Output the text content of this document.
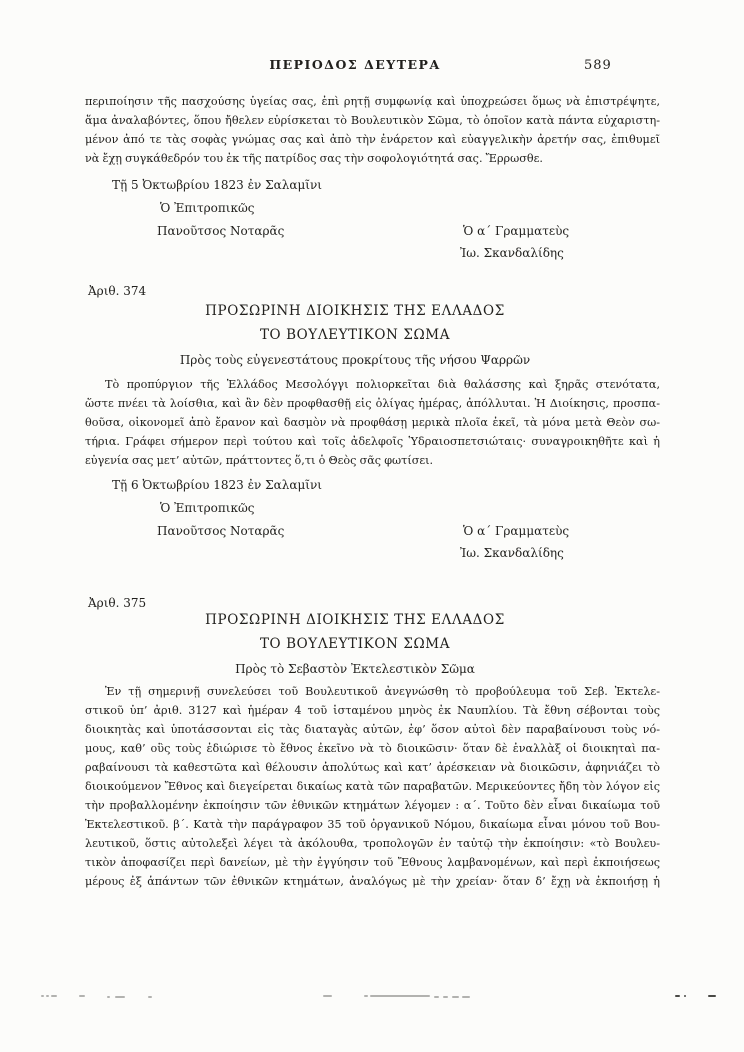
ΠΕΡΙΟΔΟΣ ΔΕΥΤΕΡΑ	589
περιποίησιν τῆς πασχούσης ὑγείας σας, ἐπὶ ρητῇ συμφωνίᾳ καὶ ὑποχρεώσει ὅμως νὰ ἐπιστρέψητε,
ἅμα ἀναλαβόντες, ὅπου ἤθελεν εὑρίσκεται τὸ Βουλευτικὸν Σῶμα, τὸ ὁποῖον κατὰ πάντα εὐχαριστη-
μένον ἀπό τε τὰς σοφὰς γνώμας σας καὶ ἀπὸ τὴν ἐνάρετον καὶ εὐαγγελικὴν ἀρετήν σας, ἐπιθυμεῖ
νὰ ἔχῃ συγκάθεδρόν του ἐκ τῆς πατρίδος σας τὴν σοφολογιότητά σας. Ἔρρωσθε.
Τῇ 5 Ὀκτωβρίου 1823 ἐν Σαλαμῖνι
Ὁ Ἐπιτροπικῶς
Πανοῦτσος Νοταρᾶς	Ὁ α΄ Γραμματεὺς
Ἰω. Σκανδαλίδης
Ἀριθ. 374
ΠΡΟΣΩΡΙΝΗ ΔΙΟΙΚΗΣΙΣ ΤΗΣ ΕΛΛΑΔΟΣ
ΤΟ ΒΟΥΛΕΥΤΙΚΟΝ ΣΩΜΑ
Πρὸς τοὺς εὐγενεστάτους προκρίτους τῆς νήσου Ψαρρῶν
Τὸ προπύργιον τῆς Ἑλλάδος Μεσολόγγι πολιορκεῖται διὰ θαλάσσης καὶ ξηρᾶς στενότατα,
ὥστε πνέει τὰ λοίσθια, καὶ ἂν δὲν προφθασθῇ εἰς ὀλίγας ἡμέρας, ἀπόλλυται. Ἡ Διοίκησις, προσπα-
θοῦσα, οἰκονομεῖ ἀπὸ ἔρανον καὶ δασμὸν νὰ προφθάσῃ μερικὰ πλοῖα ἐκεῖ, τὰ μόνα μετὰ Θεὸν σω-
τήρια. Γράφει σήμερον περὶ τούτου καὶ τοῖς ἀδελφοῖς Ὑδραιοσπετσιώταις· συναγροικηθῆτε καὶ ἡ
εὐγενία σας μετ’ αὐτῶν, πράττοντες ὅ,τι ὁ Θεὸς σᾶς φωτίσει.
Τῇ 6 Ὀκτωβρίου 1823 ἐν Σαλαμῖνι
Ὁ Ἐπιτροπικῶς
Πανοῦτσος Νοταρᾶς	Ὁ α΄ Γραμματεὺς
Ἰω. Σκανδαλίδης
Ἀριθ. 375
ΠΡΟΣΩΡΙΝΗ ΔΙΟΙΚΗΣΙΣ ΤΗΣ ΕΛΛΑΔΟΣ
ΤΟ ΒΟΥΛΕΥΤΙΚΟΝ ΣΩΜΑ
Πρὸς τὸ Σεβαστὸν Ἐκτελεστικὸν Σῶμα
Ἐν τῇ σημερινῇ συνελεύσει τοῦ Βουλευτικοῦ ἀνεγνώσθη τὸ προβούλευμα τοῦ Σεβ. Ἐκτελε-
στικοῦ ὑπ’ ἀριθ. 3127 καὶ ἡμέραν 4 τοῦ ἱσταμένου μηνὸς ἐκ Ναυπλίου. Τὰ ἔθνη σέβονται τοὺς
διοικητὰς καὶ ὑποτάσσονται εἰς τὰς διαταγὰς αὐτῶν, ἐφ’ ὅσον αὐτοὶ δὲν παραβαίνουσι τοὺς νό-
μους, καθ’ οὓς τοὺς ἐδιώρισε τὸ ἔθνος ἐκεῖνο νὰ τὸ διοικῶσιν· ὅταν δὲ ἐναλλὰξ οἱ διοικηταὶ πα-
ραβαίνουσι τὰ καθεστῶτα καὶ θέλουσιν ἀπολύτως καὶ κατ’ ἀρέσκειαν νὰ διοικῶσιν, ἀφηνιάζει τὸ
διοικούμενον Ἔθνος καὶ διεγείρεται δικαίως κατὰ τῶν παραβατῶν. Μερικεύοντες ἤδη τὸν λόγον εἰς
τὴν προβαλλομένην ἐκποίησιν τῶν ἐθνικῶν κτημάτων λέγομεν : α΄. Τοῦτο δὲν εἶναι δικαίωμα τοῦ
Ἐκτελεστικοῦ. β΄. Κατὰ τὴν παράγραφον 35 τοῦ ὀργανικοῦ Νόμου, δικαίωμα εἶναι μόνου τοῦ Βου-
λευτικοῦ, ὅστις αὐτολεξεὶ λέγει τὰ ἀκόλουθα, τροπολογῶν ἐν ταὐτῷ τὴν ἐκποίησιν: «τὸ Βουλευ-
τικὸν ἀποφασίζει περὶ δανείων, μὲ τὴν ἐγγύησιν τοῦ Ἔθνους λαμβανομένων, καὶ περὶ ἐκποιήσεως
μέρους ἐξ ἁπάντων τῶν ἐθνικῶν κτημάτων, ἀναλόγως μὲ τὴν χρείαν· ὅταν δ’ ἔχῃ νὰ ἐκποιήσῃ ἡ
